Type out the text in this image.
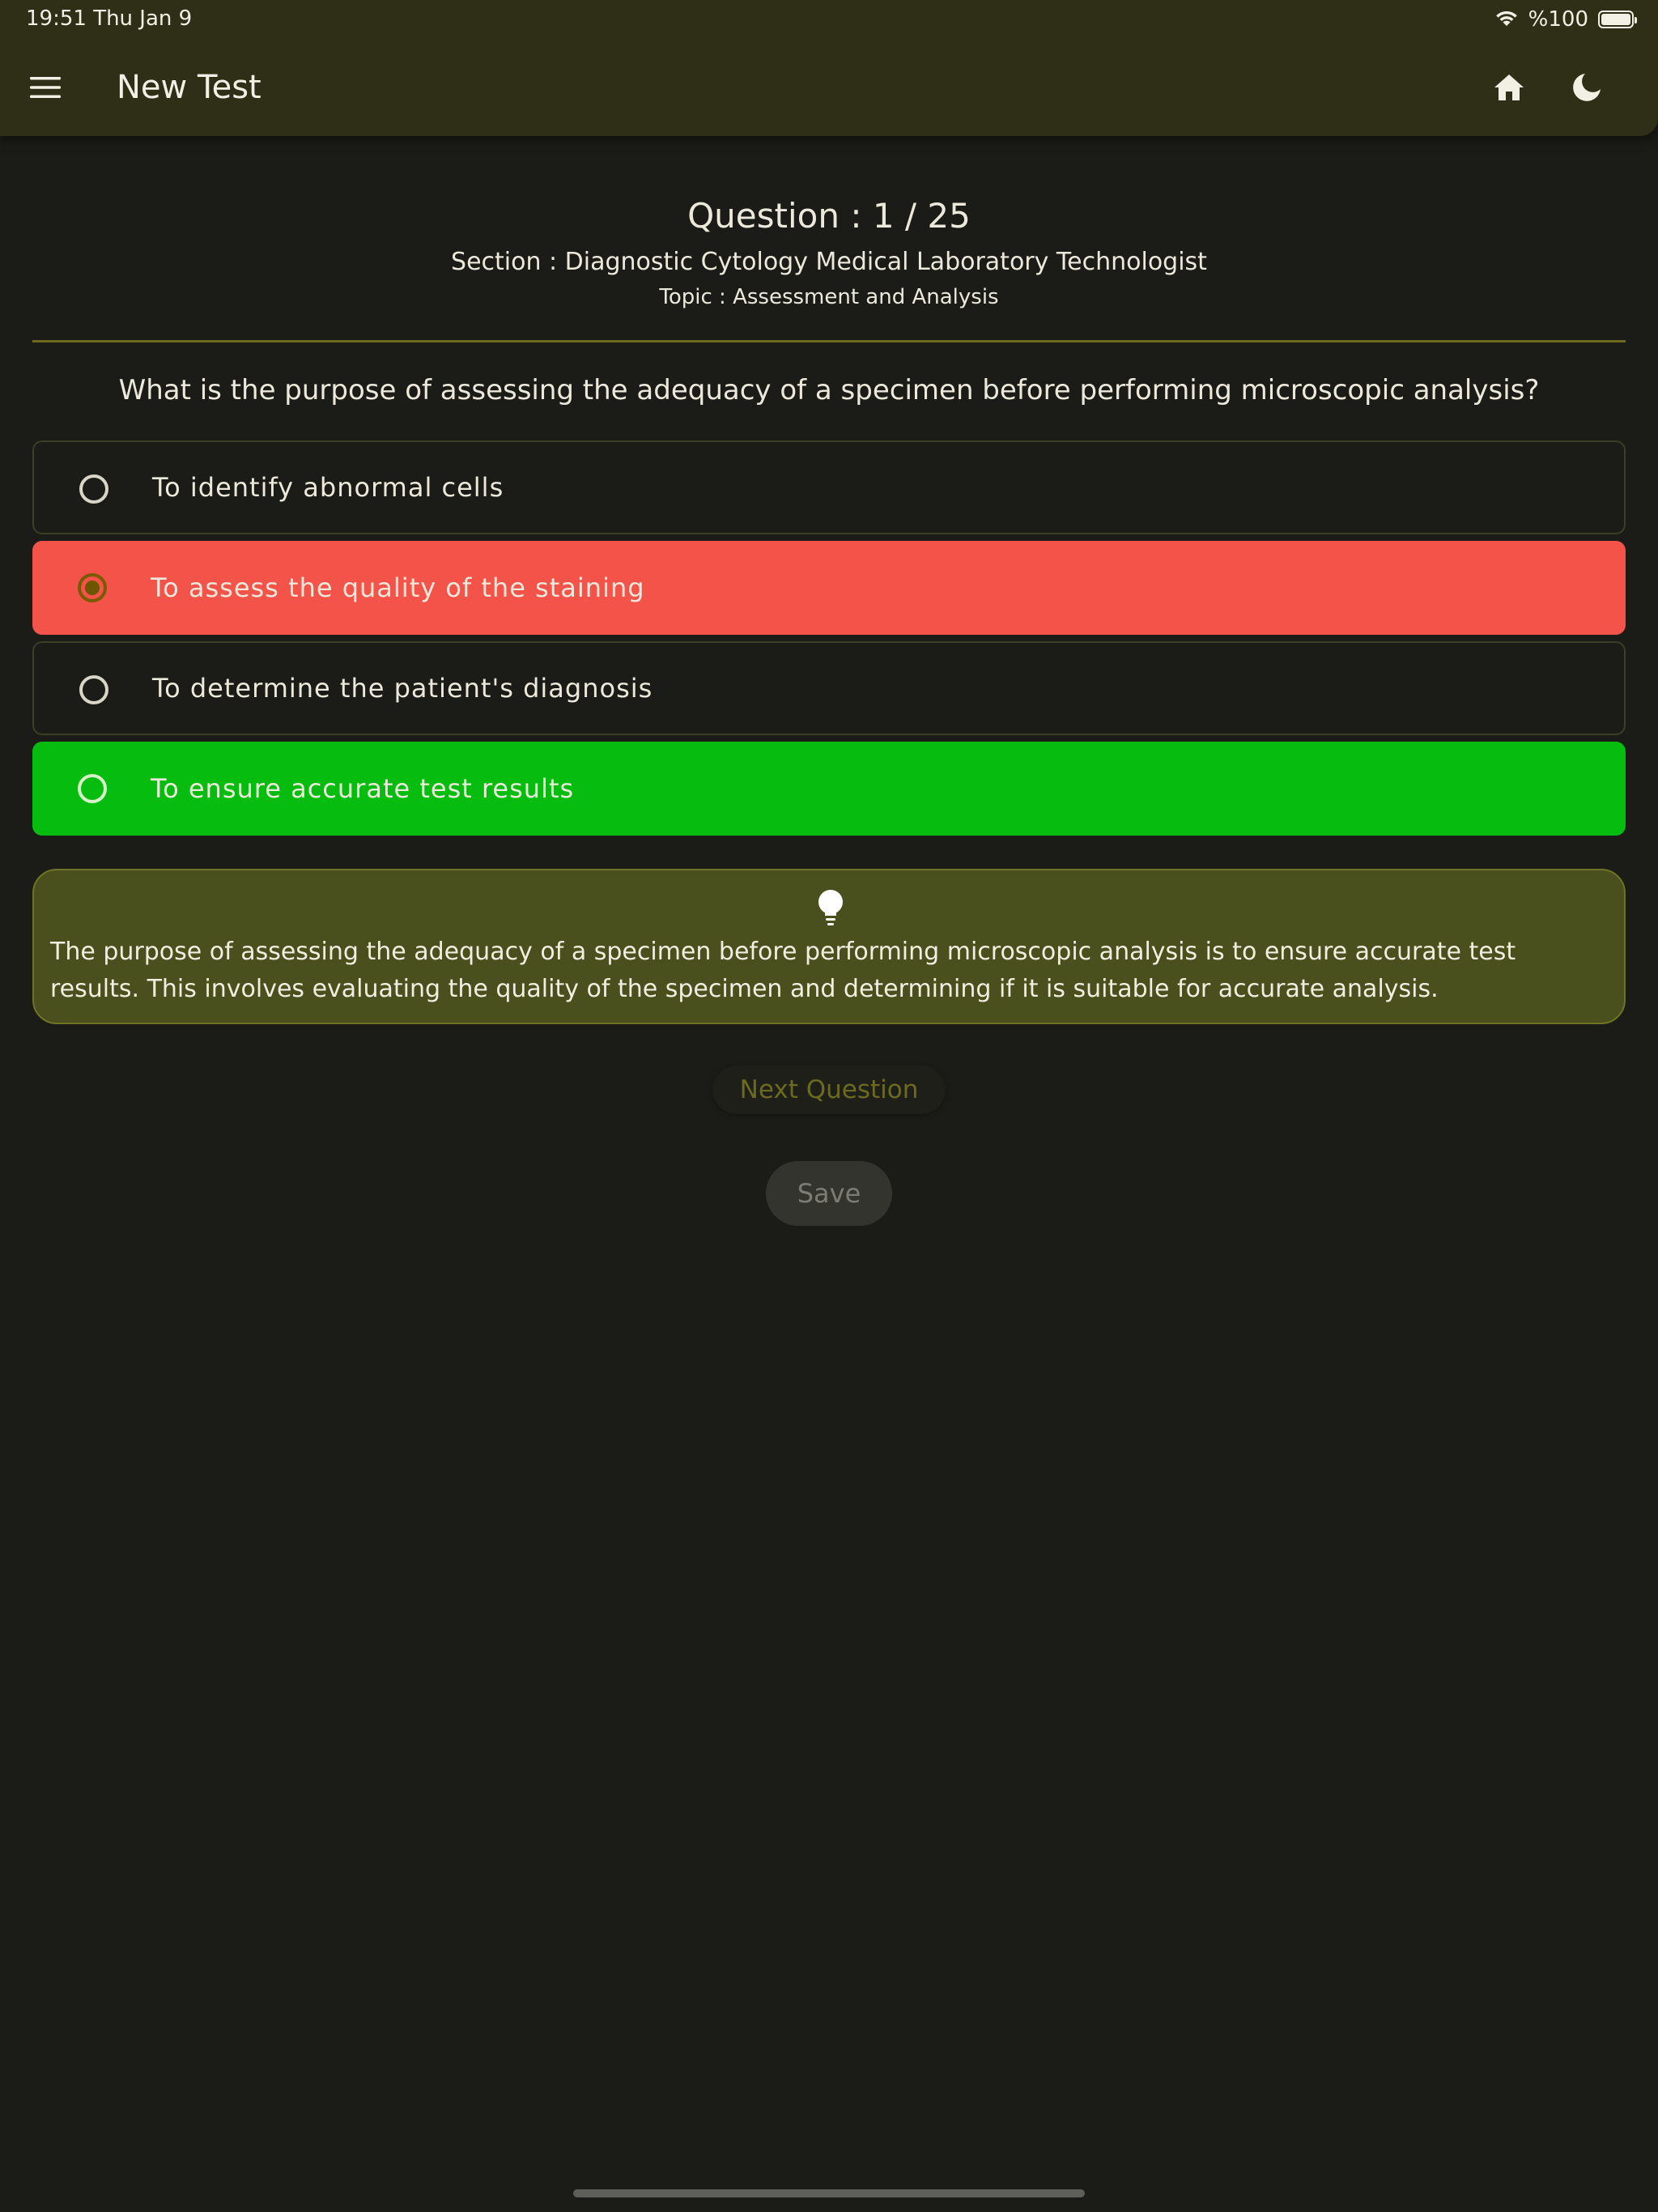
19:51 Thu Jan 9	%100
New Test
Question : 1 / 25
Section : Diagnostic Cytology Medical Laboratory Technologist
Topic : Assessment and Analysis
What is the purpose of assessing the adequacy of a specimen before performing microscopic analysis?
To identify abnormal cells
To assess the quality of the staining
To determine the patient's diagnosis
To ensure accurate test results
The purpose of assessing the adequacy of a specimen before performing microscopic analysis is to ensure accurate test results. This involves evaluating the quality of the specimen and determining if it is suitable for accurate analysis.
Next Question
Save
